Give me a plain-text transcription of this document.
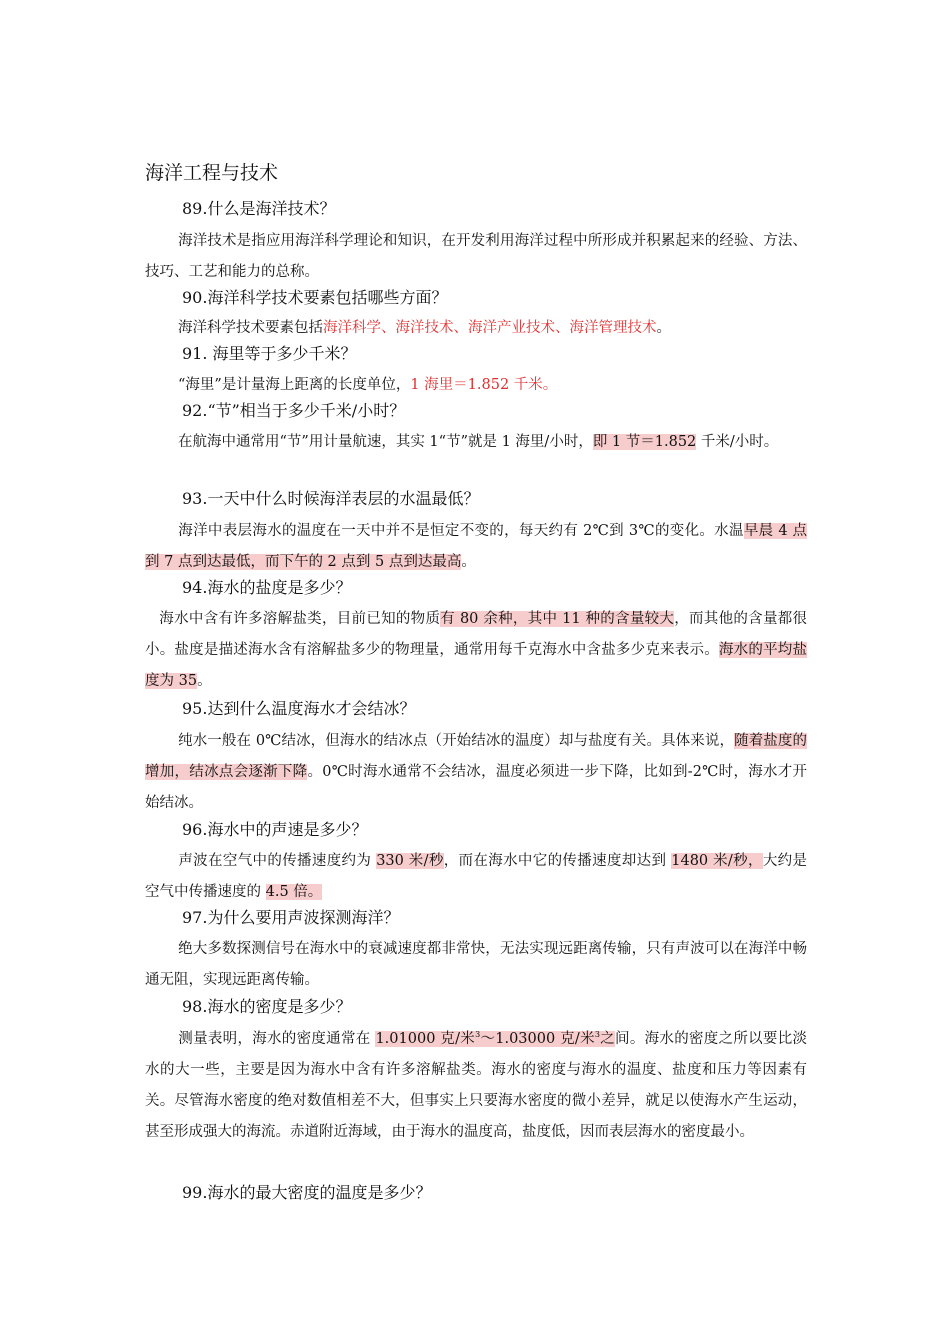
海洋工程与技术
89.什么是海洋技术？
海洋技术是指应用海洋科学理论和知识，在开发利用海洋过程中所形成并积累起来的经验、方法、技巧、工艺和能力的总称。
90.海洋科学技术要素包括哪些方面？
海洋科学技术要素包括海洋科学、海洋技术、海洋产业技术、海洋管理技术。
91. 海里等于多少千米？
“海里”是计量海上距离的长度单位，1 海里＝1.852 千米。
92.“节”相当于多少千米/小时？
在航海中通常用“节”用计量航速，其实 1“节”就是 1 海里/小时，即 1 节＝1.852 千米/小时。
93.一天中什么时候海洋表层的水温最低？
海洋中表层海水的温度在一天中并不是恒定不变的，每天约有 2℃到 3℃的变化。水温早晨 4 点到 7 点到达最低，而下午的 2 点到 5 点到达最高。
94.海水的盐度是多少？
海水中含有许多溶解盐类，目前已知的物质有 80 余种，其中 11 种的含量较大，而其他的含量都很小。盐度是描述海水含有溶解盐多少的物理量，通常用每千克海水中含盐多少克来表示。海水的平均盐度为 35。
95.达到什么温度海水才会结冰？
纯水一般在 0℃结冰，但海水的结冰点（开始结冰的温度）却与盐度有关。具体来说，随着盐度的增加，结冰点会逐渐下降。0℃时海水通常不会结冰，温度必须进一步下降，比如到-2℃时，海水才开始结冰。
96.海水中的声速是多少？
声波在空气中的传播速度约为 330 米/秒，而在海水中它的传播速度却达到 1480 米/秒，大约是空气中传播速度的 4.5 倍。
97.为什么要用声波探测海洋？
绝大多数探测信号在海水中的衰减速度都非常快，无法实现远距离传输，只有声波可以在海洋中畅通无阻，实现远距离传输。
98.海水的密度是多少？
测量表明，海水的密度通常在 1.01000 克/米$^3$～1.03000 克/米$^3$之间。海水的密度之所以要比淡水的大一些，主要是因为海水中含有许多溶解盐类。海水的密度与海水的温度、盐度和压力等因素有关。尽管海水密度的绝对数值相差不大，但事实上只要海水密度的微小差异，就足以使海水产生运动，甚至形成强大的海流。赤道附近海域，由于海水的温度高，盐度低，因而表层海水的密度最小。
99.海水的最大密度的温度是多少？
